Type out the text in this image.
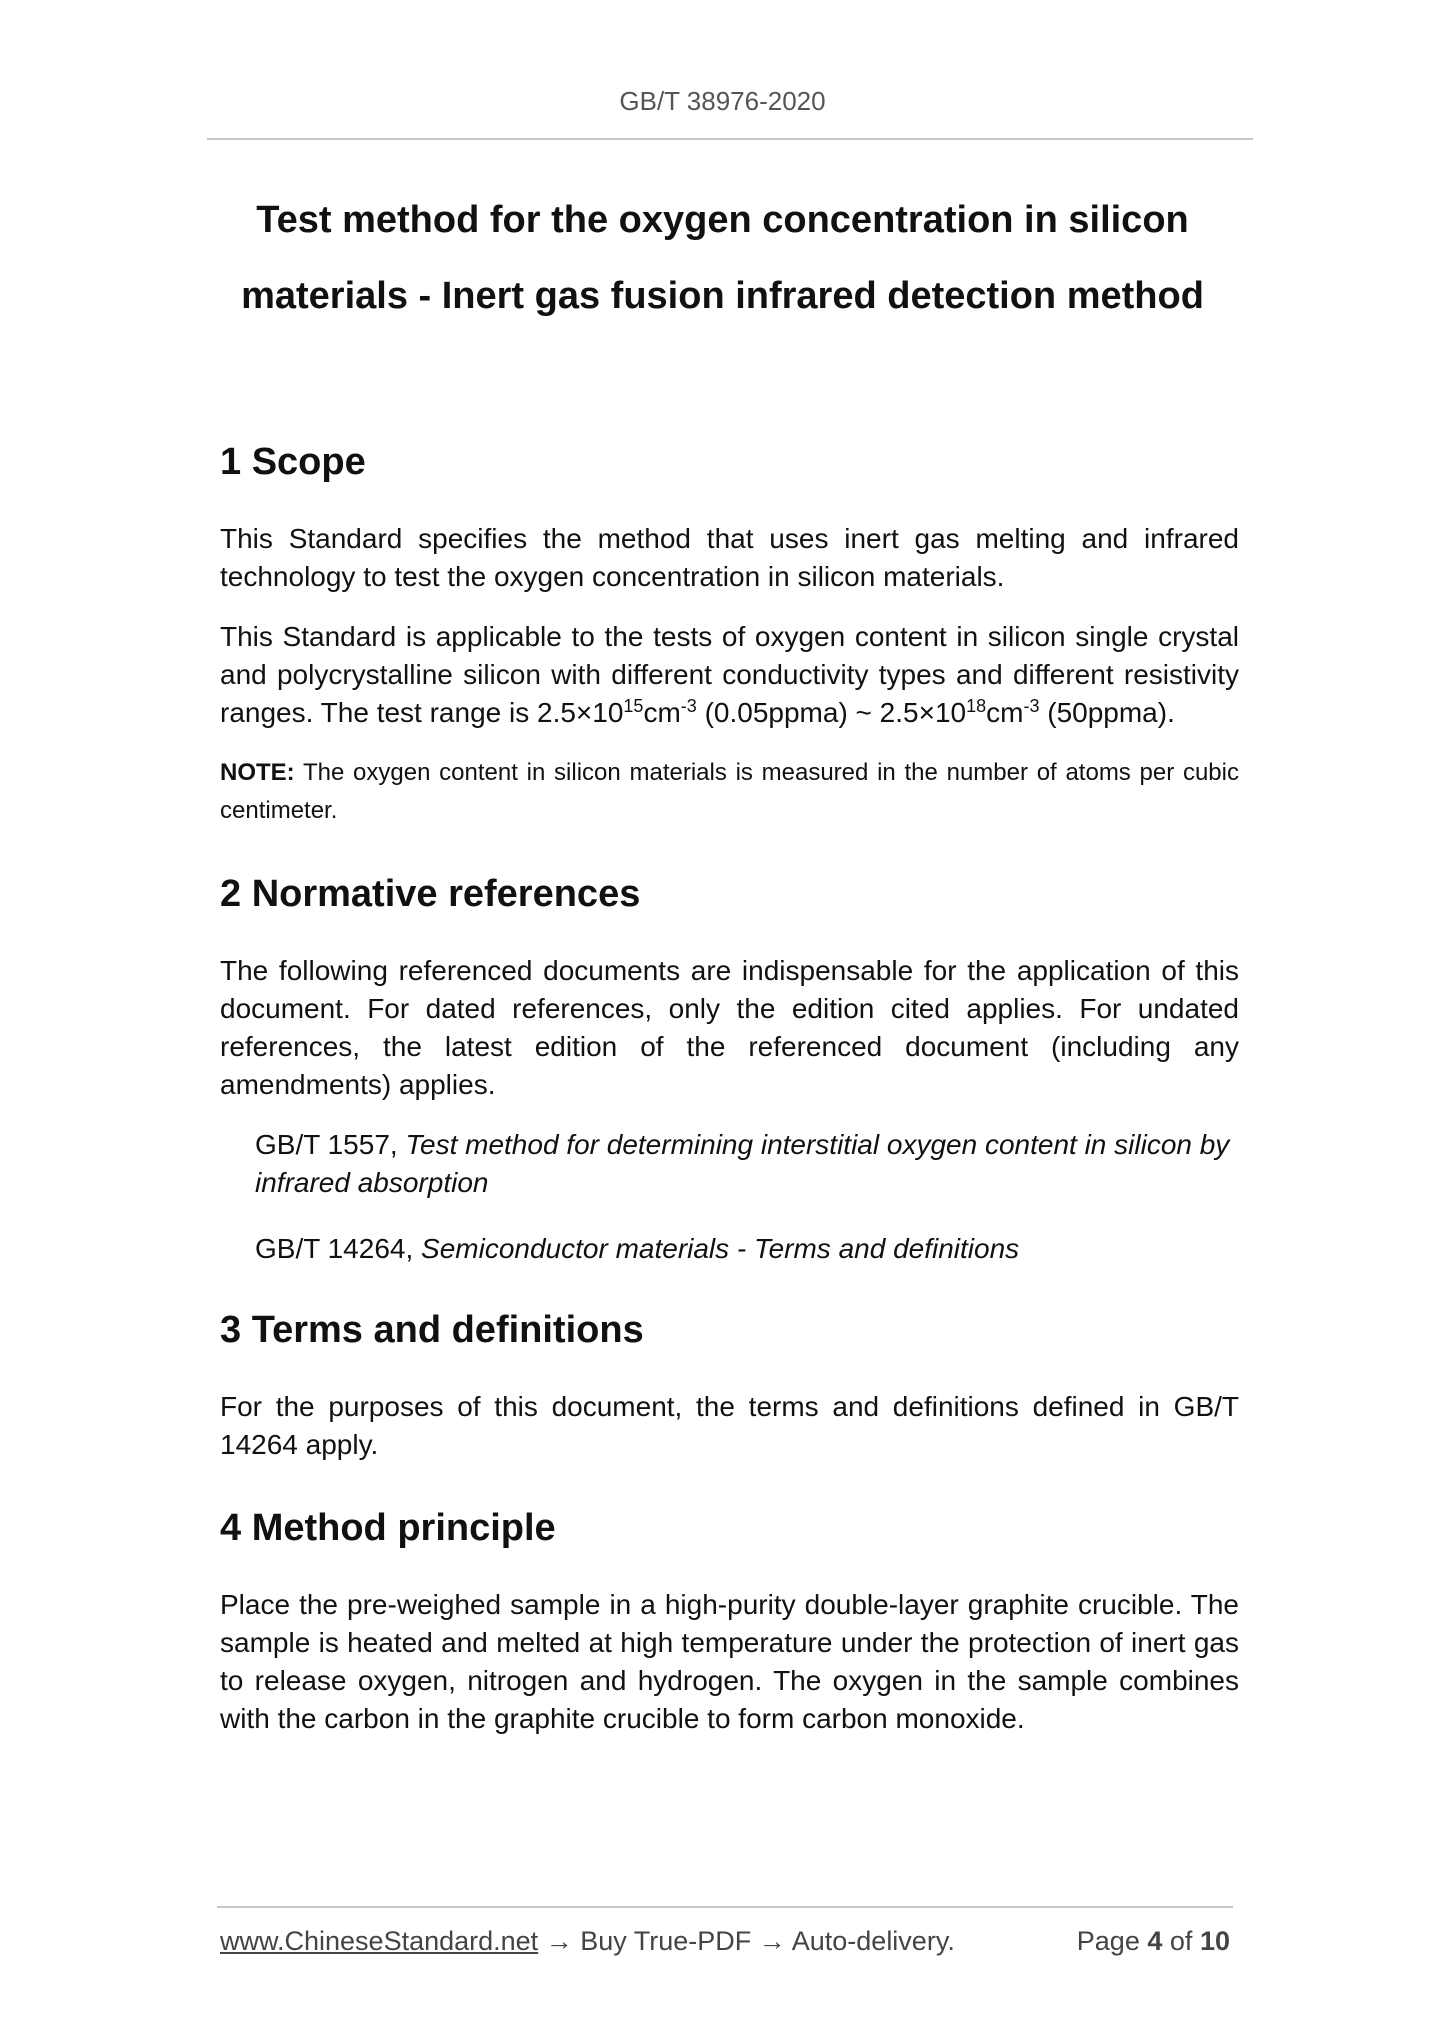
GB/T 38976-2020
Test method for the oxygen concentration in silicon
materials - Inert gas fusion infrared detection method
1 Scope

This Standard specifies the method that uses inert gas melting and infrared technology to test the oxygen concentration in silicon materials.

This Standard is applicable to the tests of oxygen content in silicon single crystal and polycrystalline silicon with different conductivity types and different resistivity ranges. The test range is $2.5\times 10^{15}cm^{-3}$ (0.05ppma) ~ $2.5\times 10^{18}cm^{-3}$ (50ppma).

NOTE: The oxygen content in silicon materials is measured in the number of atoms per cubic centimeter.

2 Normative references

The following referenced documents are indispensable for the application of this document. For dated references, only the edition cited applies. For undated references, the latest edition of the referenced document (including any amendments) applies.

GB/T 1557, Test method for determining interstitial oxygen content in silicon by infrared absorption

GB/T 14264, Semiconductor materials - Terms and definitions

3 Terms and definitions

For the purposes of this document, the terms and definitions defined in GB/T 14264 apply.

4 Method principle

Place the pre-weighed sample in a high-purity double-layer graphite crucible. The sample is heated and melted at high temperature under the protection of inert gas to release oxygen, nitrogen and hydrogen. The oxygen in the sample combines with the carbon in the graphite crucible to form carbon monoxide.

www.ChineseStandard.net → Buy True-PDF → Auto-delivery.	Page 4 of 10
